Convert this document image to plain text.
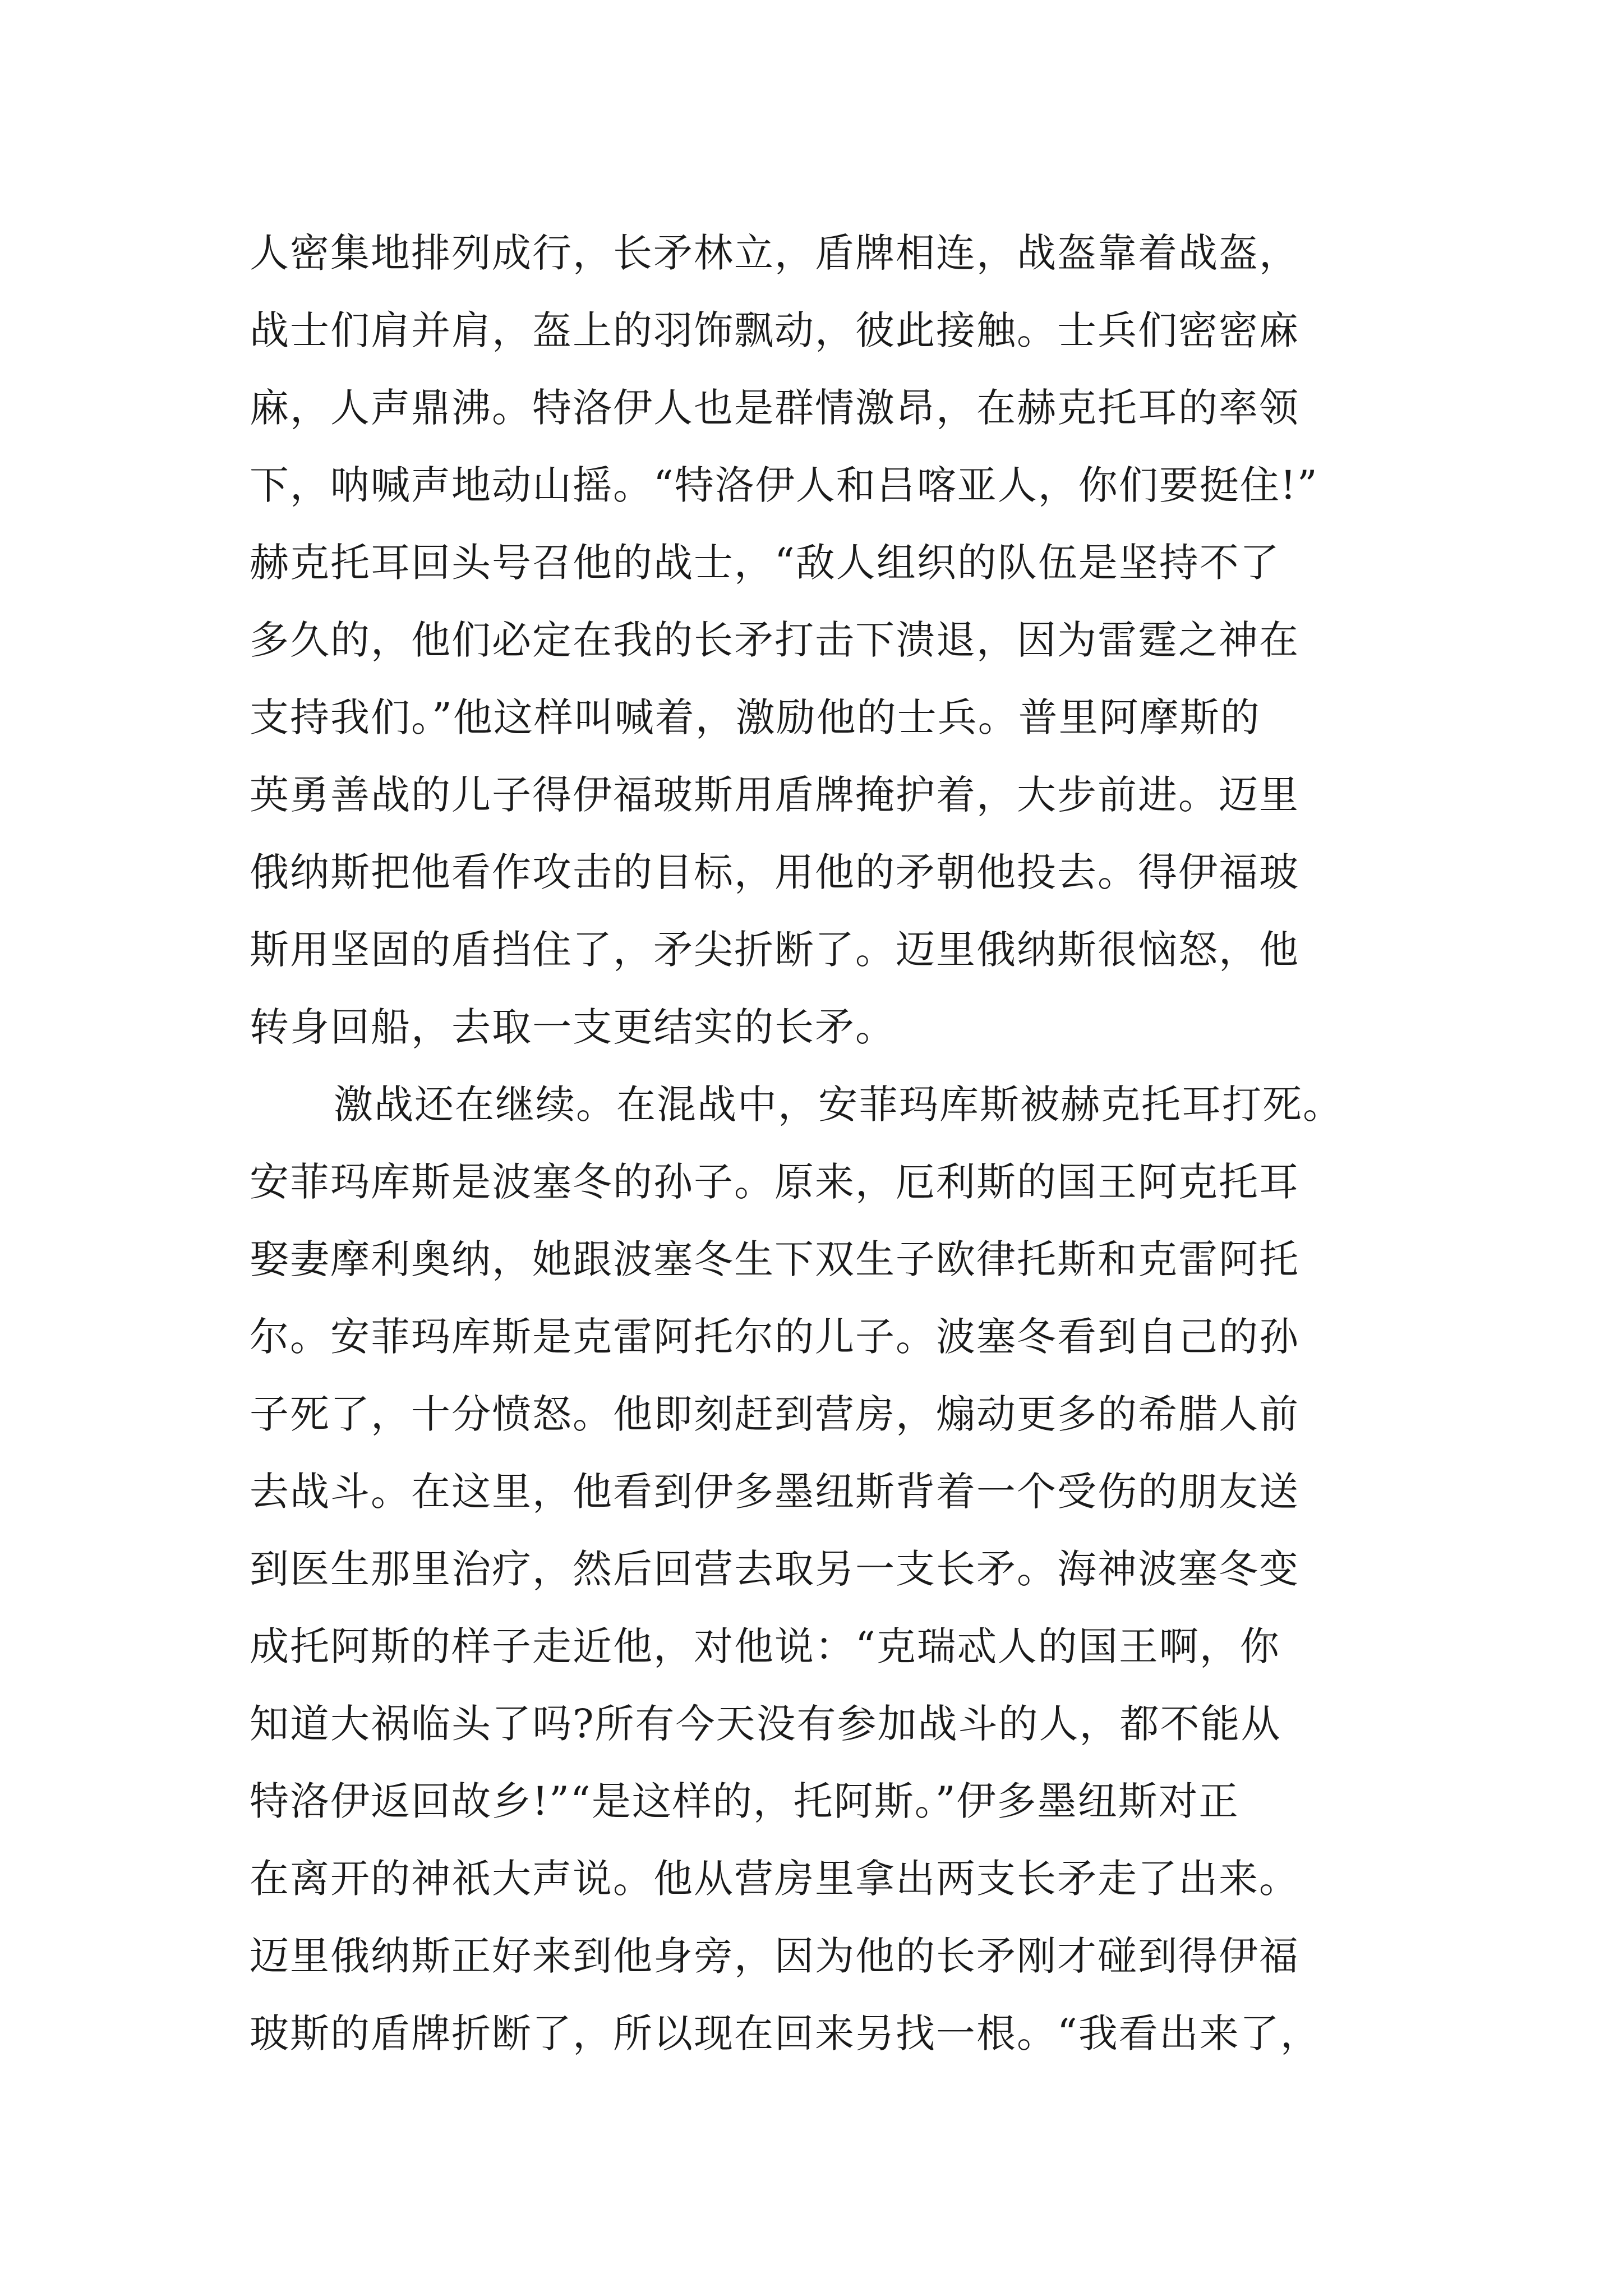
人密集地排列成行，长矛林立，盾牌相连，战盔靠着战盔，
战士们肩并肩，盔上的羽饰飘动，彼此接触。士兵们密密麻
麻，人声鼎沸。特洛伊人也是群情激昂，在赫克托耳的率领
下，呐喊声地动山摇。“特洛伊人和吕喀亚人，你们要挺住!”
赫克托耳回头号召他的战士，“敌人组织的队伍是坚持不了
多久的，他们必定在我的长矛打击下溃退，因为雷霆之神在
支持我们。”他这样叫喊着，激励他的士兵。普里阿摩斯的
英勇善战的儿子得伊福玻斯用盾牌掩护着，大步前进。迈里
俄纳斯把他看作攻击的目标，用他的矛朝他投去。得伊福玻
斯用坚固的盾挡住了，矛尖折断了。迈里俄纳斯很恼怒，他
转身回船，去取一支更结实的长矛。
激战还在继续。在混战中，安菲玛库斯被赫克托耳打死。
安菲玛库斯是波塞冬的孙子。原来，厄利斯的国王阿克托耳
娶妻摩利奥纳，她跟波塞冬生下双生子欧律托斯和克雷阿托
尔。安菲玛库斯是克雷阿托尔的儿子。波塞冬看到自己的孙
子死了，十分愤怒。他即刻赶到营房，煽动更多的希腊人前
去战斗。在这里，他看到伊多墨纽斯背着一个受伤的朋友送
到医生那里治疗，然后回营去取另一支长矛。海神波塞冬变
成托阿斯的样子走近他，对他说：“克瑞忒人的国王啊，你
知道大祸临头了吗?所有今天没有参加战斗的人，都不能从
特洛伊返回故乡!”“是这样的，托阿斯。”伊多墨纽斯对正
在离开的神祇大声说。他从营房里拿出两支长矛走了出来。
迈里俄纳斯正好来到他身旁，因为他的长矛刚才碰到得伊福
玻斯的盾牌折断了，所以现在回来另找一根。“我看出来了，
